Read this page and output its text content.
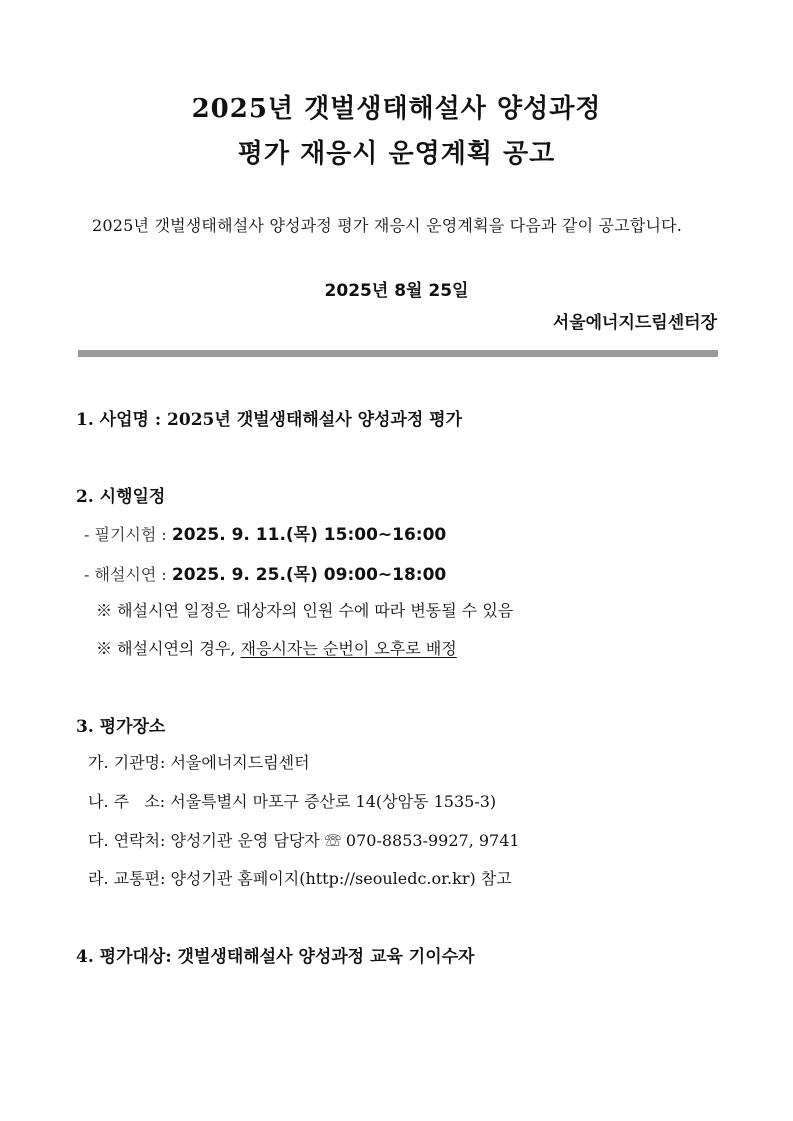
2025년 갯벌생태해설사 양성과정
평가 재응시 운영계획 공고
2025년 갯벌생태해설사 양성과정 평가 재응시 운영계획을 다음과 같이 공고합니다.
2025년 8월 25일
서울에너지드림센터장
1. 사업명 : 2025년 갯벌생태해설사 양성과정 평가
2. 시행일정
- 필기시험 : 2025. 9. 11.(목) 15:00~16:00
- 해설시연 : 2025. 9. 25.(목) 09:00~18:00
※ 해설시연 일정은 대상자의 인원 수에 따라 변동될 수 있음
※ 해설시연의 경우, 재응시자는 순번이 오후로 배정
3. 평가장소
가. 기관명: 서울에너지드림센터
나. 주   소: 서울특별시 마포구 증산로 14(상암동 1535-3)
다. 연락처: 양성기관 운영 담당자 ☏ 070-8853-9927, 9741
라. 교통편: 양성기관 홈페이지(http://seouledc.or.kr) 참고
4. 평가대상: 갯벌생태해설사 양성과정 교육 기이수자
